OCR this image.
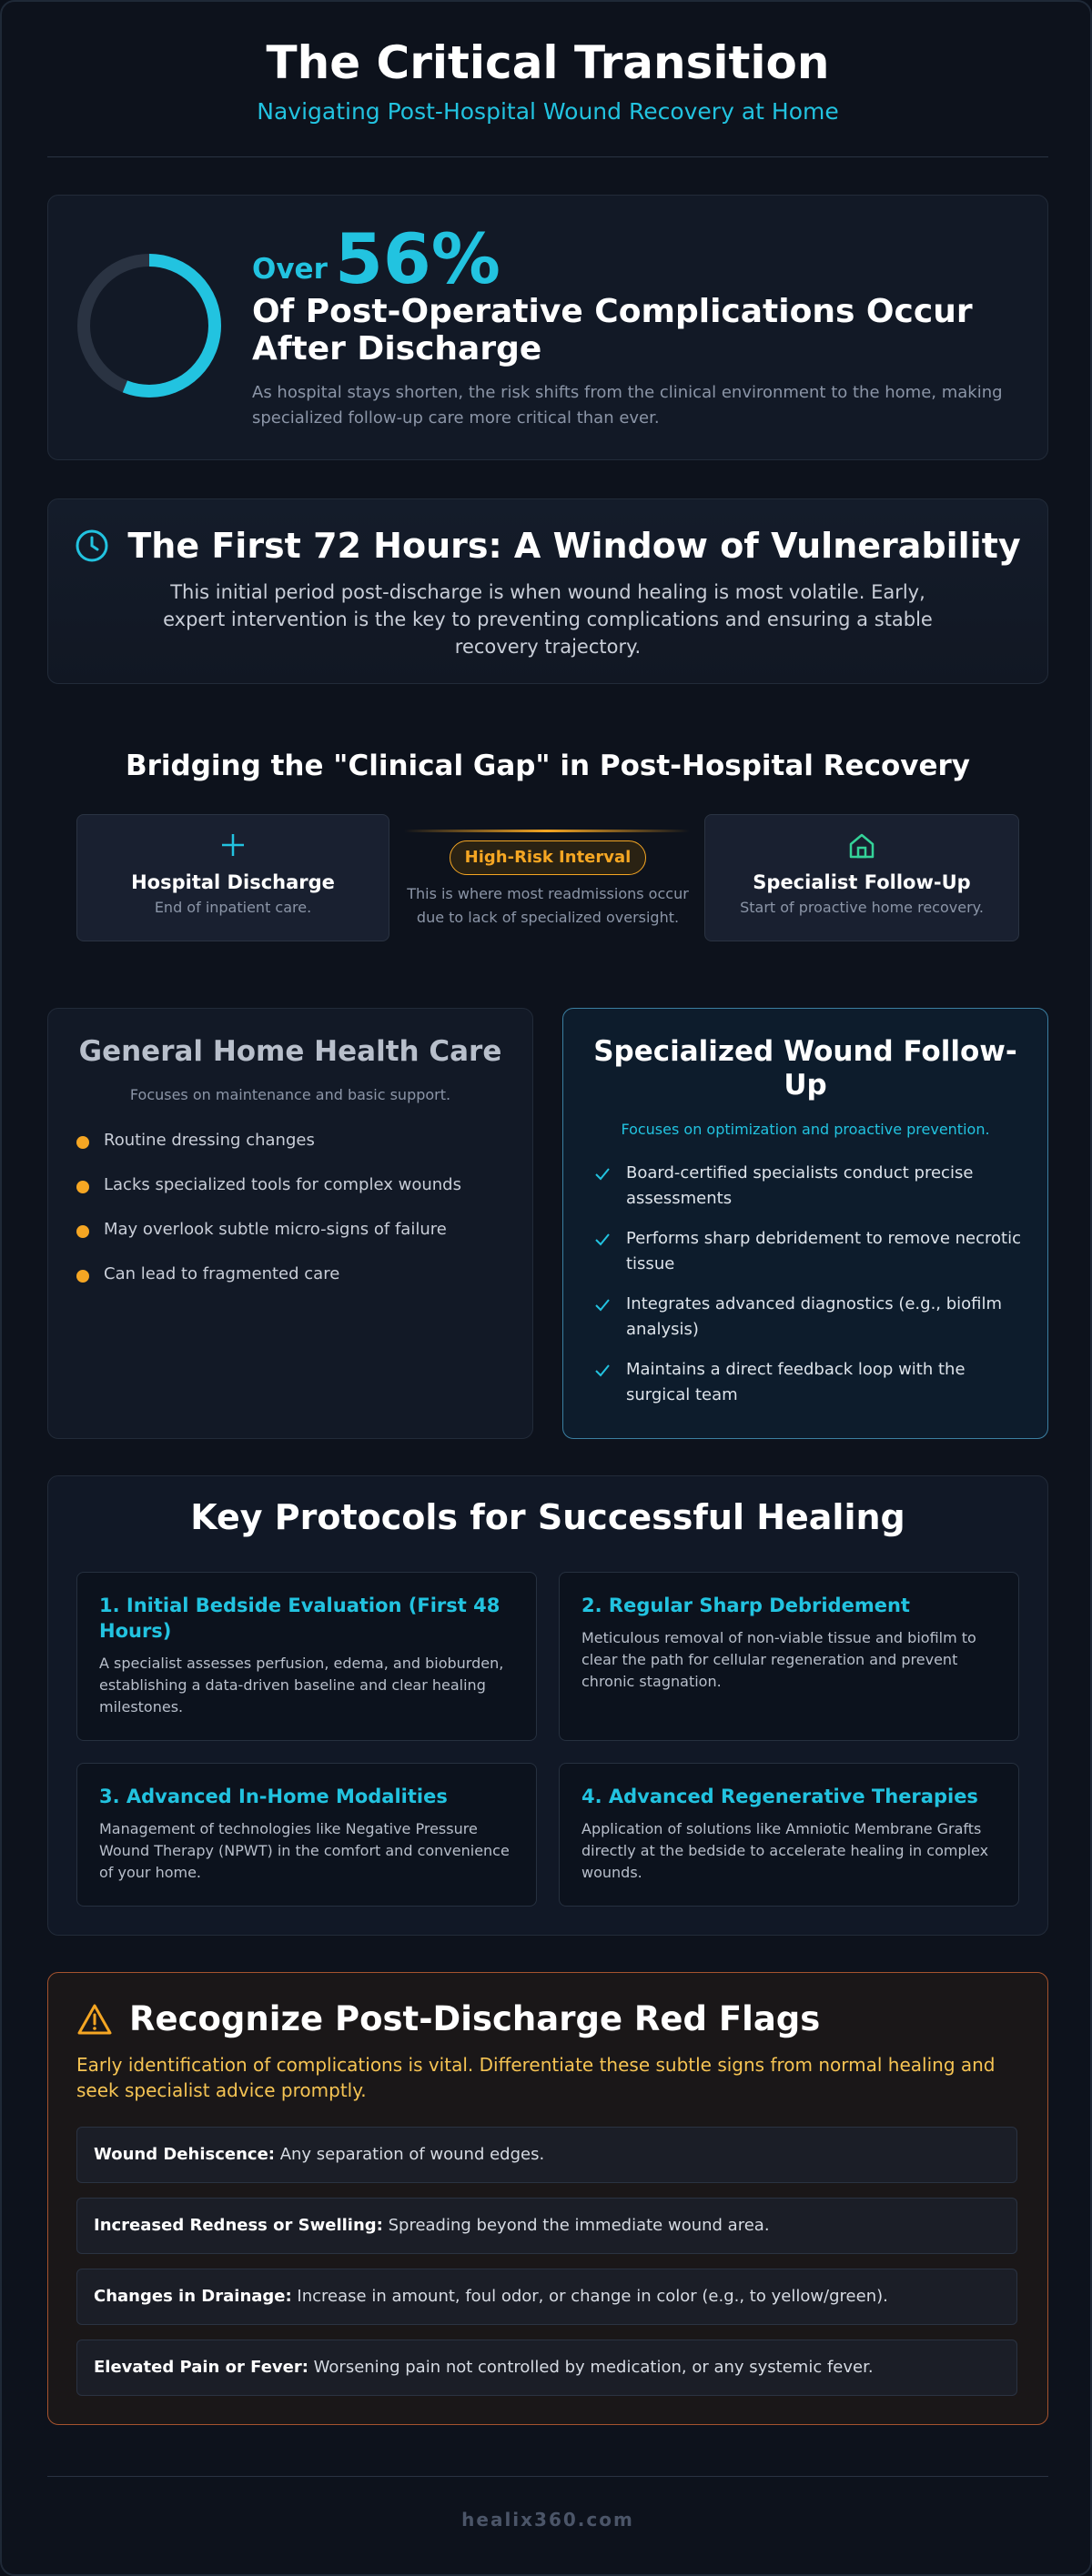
The Critical Transition
Navigating Post-Hospital Wound Recovery at Home
Over 56%
Of Post-Operative Complications Occur After Discharge
As hospital stays shorten, the risk shifts from the clinical environment to the home, making specialized follow-up care more critical than ever.
The First 72 Hours: A Window of Vulnerability
This initial period post-discharge is when wound healing is most volatile. Early, expert intervention is the key to preventing complications and ensuring a stable recovery trajectory.
Bridging the "Clinical Gap" in Post-Hospital Recovery
Hospital Discharge
End of inpatient care.
High-Risk Interval
This is where most readmissions occur due to lack of specialized oversight.
Specialist Follow-Up
Start of proactive home recovery.
General Home Health Care
Focuses on maintenance and basic support.
Routine dressing changes
Lacks specialized tools for complex wounds
May overlook subtle micro-signs of failure
Can lead to fragmented care
Specialized Wound Follow-Up
Focuses on optimization and proactive prevention.
Board-certified specialists conduct precise assessments
Performs sharp debridement to remove necrotic tissue
Integrates advanced diagnostics (e.g., biofilm analysis)
Maintains a direct feedback loop with the surgical team
Key Protocols for Successful Healing
1. Initial Bedside Evaluation (First 48 Hours)
A specialist assesses perfusion, edema, and bioburden, establishing a data-driven baseline and clear healing milestones.
2. Regular Sharp Debridement
Meticulous removal of non-viable tissue and biofilm to clear the path for cellular regeneration and prevent chronic stagnation.
3. Advanced In-Home Modalities
Management of technologies like Negative Pressure Wound Therapy (NPWT) in the comfort and convenience of your home.
4. Advanced Regenerative Therapies
Application of solutions like Amniotic Membrane Grafts directly at the bedside to accelerate healing in complex wounds.
Recognize Post-Discharge Red Flags
Early identification of complications is vital. Differentiate these subtle signs from normal healing and seek specialist advice promptly.
Wound Dehiscence: Any separation of wound edges.
Increased Redness or Swelling: Spreading beyond the immediate wound area.
Changes in Drainage: Increase in amount, foul odor, or change in color (e.g., to yellow/green).
Elevated Pain or Fever: Worsening pain not controlled by medication, or any systemic fever.
healix360.com
